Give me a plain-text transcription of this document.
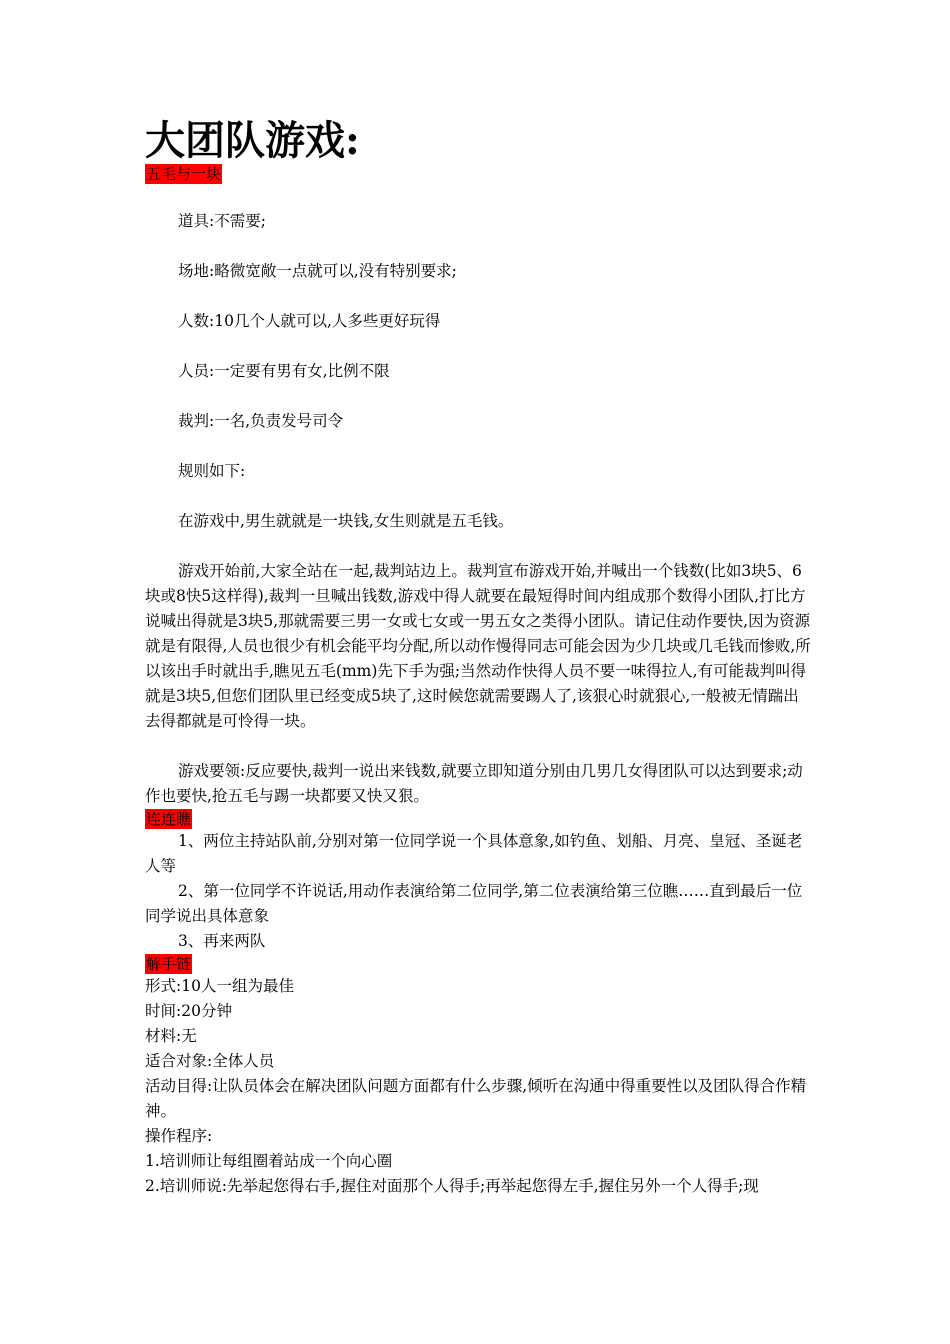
大团队游戏:
五毛与一块

道具:不需要;

场地:略微宽敞一点就可以,没有特别要求;

人数:10几个人就可以,人多些更好玩得

人员:一定要有男有女,比例不限

裁判:一名,负责发号司令

规则如下:

在游戏中,男生就就是一块钱,女生则就是五毛钱。

游戏开始前,大家全站在一起,裁判站边上。裁判宣布游戏开始,并喊出一个钱数(比如3块5、6块或8快5这样得),裁判一旦喊出钱数,游戏中得人就要在最短得时间内组成那个数得小团队,打比方说喊出得就是3块5,那就需要三男一女或七女或一男五女之类得小团队。请记住动作要快,因为资源就是有限得,人员也很少有机会能平均分配,所以动作慢得同志可能会因为少几块或几毛钱而惨败,所以该出手时就出手,瞧见五毛(mm)先下手为强;当然动作快得人员不要一味得拉人,有可能裁判叫得就是3块5,但您们团队里已经变成5块了,这时候您就需要踢人了,该狠心时就狠心,一般被无情踹出去得都就是可怜得一块。

游戏要领:反应要快,裁判一说出来钱数,就要立即知道分别由几男几女得团队可以达到要求;动作也要快,抢五毛与踢一块都要又快又狠。

连连瞧

1、两位主持站队前,分别对第一位同学说一个具体意象,如钓鱼、划船、月亮、皇冠、圣诞老人等

2、第一位同学不许说话,用动作表演给第二位同学,第二位表演给第三位瞧……直到最后一位同学说出具体意象

3、再来两队

解手链

形式:10人一组为最佳

时间:20分钟

材料:无

适合对象:全体人员

活动目得:让队员体会在解决团队问题方面都有什么步骤,倾听在沟通中得重要性以及团队得合作精神。

操作程序:

1.培训师让每组圈着站成一个向心圈

2.培训师说:先举起您得右手,握住对面那个人得手;再举起您得左手,握住另外一个人得手;现
